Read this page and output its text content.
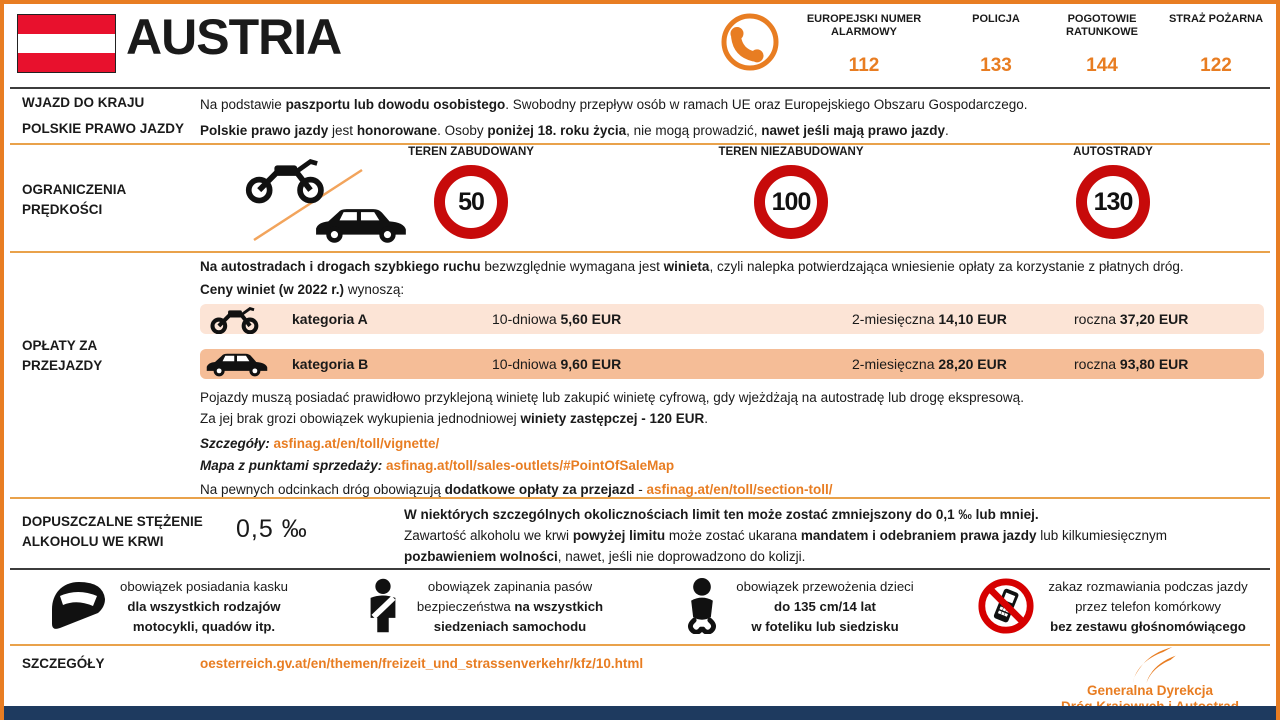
AUSTRIA	EUROPEJSKI NUMER ALARMOWY
112
POLICJA
133
POGOTOWIE RATUNKOWE
144
STRAŻ POŻARNA
122
WJAZD DO KRAJU	Na podstawie paszportu lub dowodu osobistego. Swobodny przepływ osób w ramach UE oraz Europejskiego Obszaru Gospodarczego.
POLSKIE PRAWO JAZDY Polskie prawo jazdy jest honorowane. Osoby poniżej 18. roku życia, nie mogą prowadzić, nawet jeśli mają prawo jazdy.
OGRANICZENIA PRĘDKOŚCI
TEREN ZABUDOWANY
50
TEREN NIEZABUDOWANY
100
AUTOSTRADY
130
OPŁATY ZA PRZEJAZDY
Na autostradach i drogach szybkiego ruchu bezwzględnie wymagana jest winieta, czyli nalepka potwierdzająca wniesienie opłaty za korzystanie z płatnych dróg.
Ceny winiet (w 2022 r.) wynoszą:
kategoria A	10-dniowa 5,60 EUR	2-miesięczna 14,10 EUR	roczna 37,20 EUR
kategoria B	10-dniowa 9,60 EUR	2-miesięczna 28,20 EUR	roczna 93,80 EUR
Pojazdy muszą posiadać prawidłowo przyklejoną winietę lub zakupić winietę cyfrową, gdy wjeżdżają na autostradę lub drogę ekspresową.
Za jej brak grozi obowiązek wykupienia jednodniowej winiety zastępczej - 120 EUR.
Szczegóły: asfinag.at/en/toll/vignette/
Mapa z punktami sprzedaży: asfinag.at/toll/sales-outlets/#PointOfSaleMap
Na pewnych odcinkach dróg obowiązują dodatkowe opłaty za przejazd - asfinag.at/en/toll/section-toll/
DOPUSZCZALNE STĘŻENIE ALKOHOLU WE KRWI	0,5 ‰
W niektórych szczególnych okolicznościach limit ten może zostać zmniejszony do 0,1 ‰ lub mniej.
Zawartość alkoholu we krwi powyżej limitu może zostać ukarana mandatem i odebraniem prawa jazdy lub kilkumiesięcznym
pozbawieniem wolności, nawet, jeśli nie doprowadzono do kolizji.
obowiązek posiadania kasku
dla wszystkich rodzajów
motocykli, quadów itp.
obowiązek zapinania pasów
bezpieczeństwa na wszystkich
siedzeniach samochodu
obowiązek przewożenia dzieci
do 135 cm/14 lat
w foteliku lub siedzisku
zakaz rozmawiania podczas jazdy
przez telefon komórkowy
bez zestawu głośnomówiącego
SZCZEGÓŁY	oesterreich.gv.at/en/themen/freizeit_und_strassenverkehr/kfz/10.html
Generalna Dyrekcja
